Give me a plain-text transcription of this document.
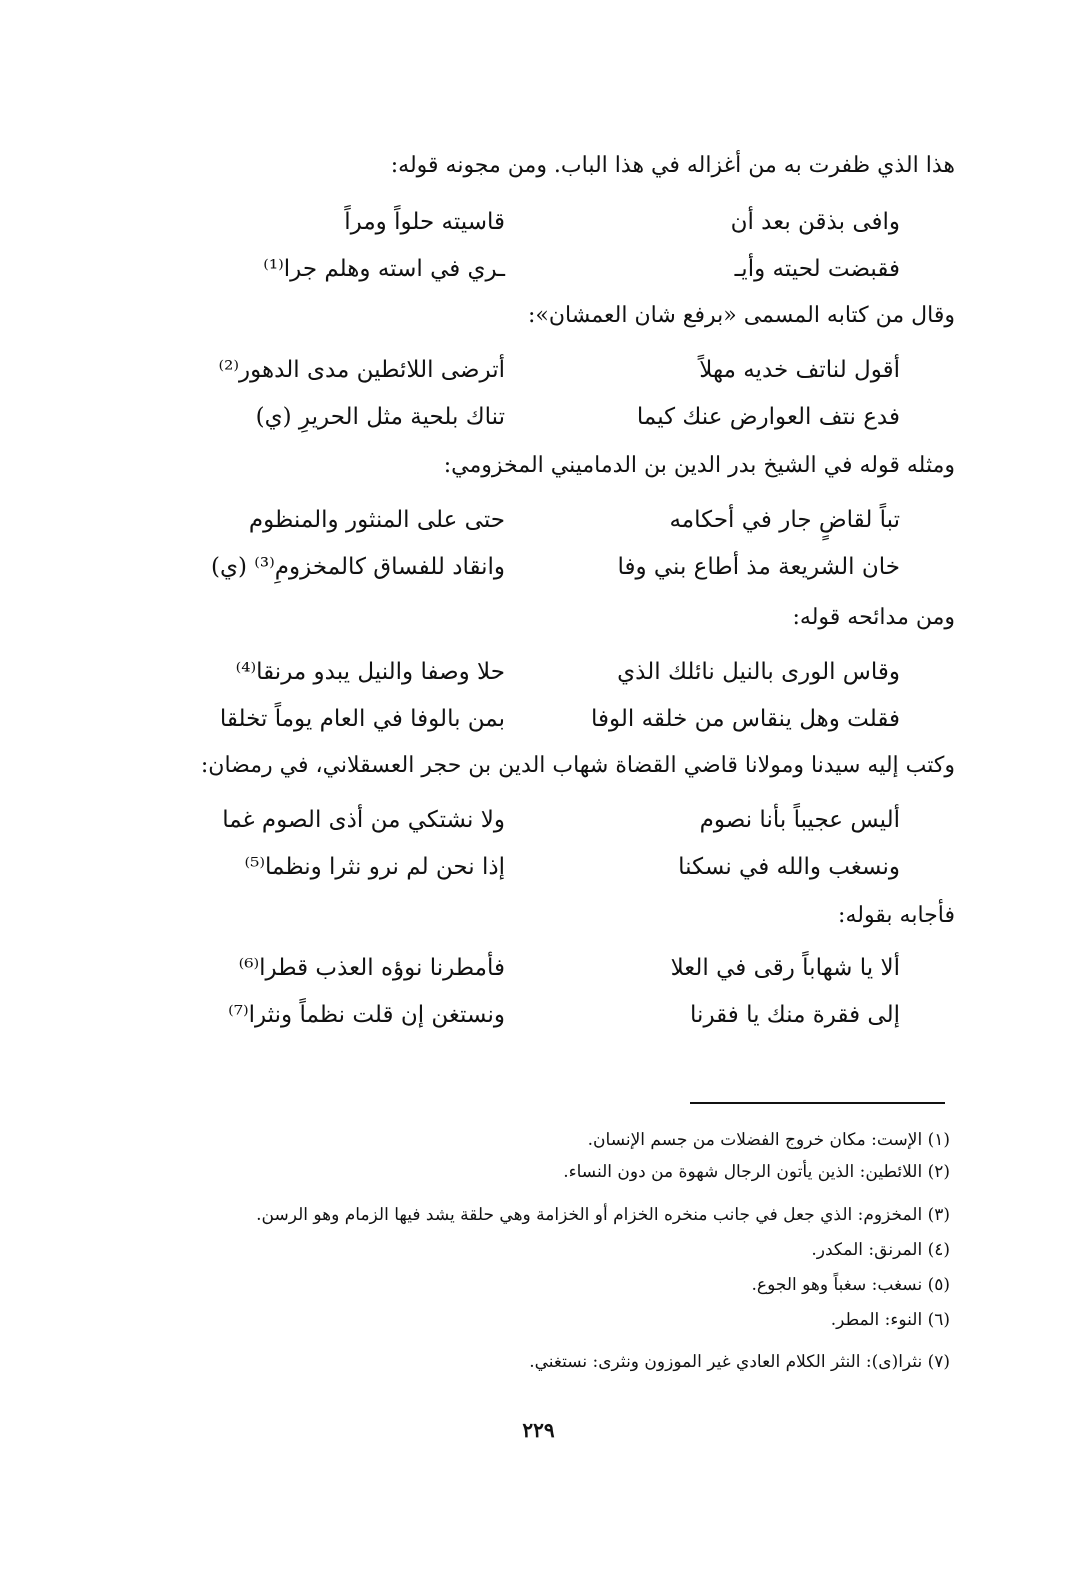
هذا الذي ظفرت به من أغزاله في هذا الباب. ومن مجونه قوله:
وافى بذقن بعد أن
قاسيته حلواً ومراً
فقبضت لحيته وأيـ
ـري في استه وهلم جرا⁽¹⁾
وقال من كتابه المسمى «برفع شان العمشان»:
أقول لناتف خديه مهلاً
أترضى اللائطين مدى الدهور⁽²⁾
فدع نتف العوارض عنك كيما
تناك بلحية مثل الحريرِ (ي)
ومثله قوله في الشيخ بدر الدين بن الدماميني المخزومي:
تباً لقاضٍ جار في أحكامه
حتى على المنثور والمنظوم
خان الشريعة مذ أطاع بني وفا
وانقاد للفساق كالمخزومِ⁽³⁾ (ي)
ومن مدائحه قوله:
وقاس الورى بالنيل نائلك الذي
حلا وصفا والنيل يبدو مرنقا⁽⁴⁾
فقلت وهل ينقاس من خلقه الوفا
بمن بالوفا في العام يوماً تخلقا
وكتب إليه سيدنا ومولانا قاضي القضاة شهاب الدين بن حجر العسقلاني، في رمضان:
أليس عجيباً بأنا نصوم
ولا نشتكي من أذى الصوم غما
ونسغب والله في نسكنا
إذا نحن لم نرو نثرا ونظما⁽⁵⁾
فأجابه بقوله:
ألا يا شهاباً رقى في العلا
فأمطرنا نوؤه العذب قطرا⁽⁶⁾
إلى فقرة منك يا فقرنا
ونستغن إن قلت نظماً ونثرا⁽⁷⁾
(١) الإست: مكان خروج الفضلات من جسم الإنسان.
(٢) اللائطين: الذين يأتون الرجال شهوة من دون النساء.
(٣) المخزوم: الذي جعل في جانب منخره الخزام أو الخزامة وهي حلقة يشد فيها الزمام وهو الرسن.
(٤) المرنق: المكدر.
(٥) نسغب: سغباً وهو الجوع.
(٦) النوء: المطر.
(٧) نثرا(ى): النثر الكلام العادي غير الموزون ونثرى: نستغني.
٢٢٩
